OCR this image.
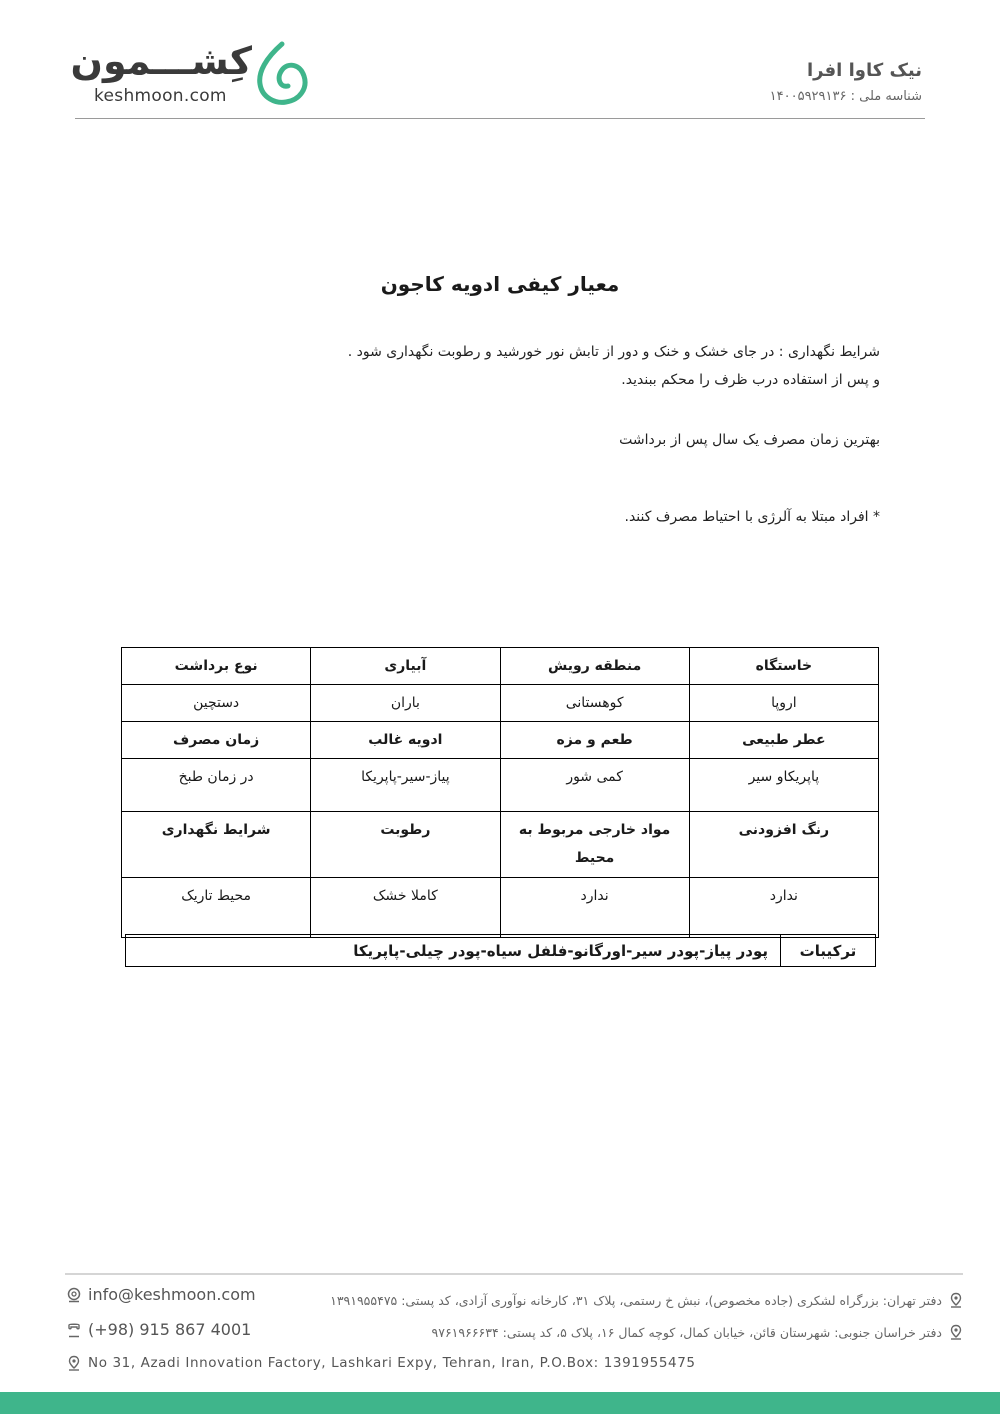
کِشـــمون
keshmoon.com
نیک کاوا افرا
شناسه ملی : ۱۴۰۰۵۹۲۹۱۳۶
معیار کیفی ادویه کاجون
شرایط نگهداری : در جای خشک و خنک و دور از تابش نور خورشید و رطوبت نگهداری شود .
و پس از استفاده درب ظرف را محکم ببندید.
بهترین زمان مصرف یک سال پس از برداشت
* افراد مبتلا به آلرژی با احتیاط مصرف کنند.
خاستگاه	منطقه رویش	آبیاری	نوع برداشت
اروپا	کوهستانی	باران	دستچین
عطر طبیعی	طعم و مزه	ادویه غالب	زمان مصرف
پاپریکاو سیر	کمی شور	پیاز-سیر-پاپریکا	در زمان طبخ
رنگ افزودنی	مواد خارجی مربوط به محیط	رطوبت	شرایط نگهداری
ندارد	ندارد	کاملا خشک	محیط تاریک
ترکیبات	پودر پیاز-پودر سیر-اورگانو-فلفل سیاه-پودر چیلی-پاپریکا
info@keshmoon.com
(+98) 915 867 4001
No 31, Azadi Innovation Factory, Lashkari Expy, Tehran, Iran, P.O.Box: 1391955475
دفتر تهران: بزرگراه لشکری (جاده مخصوص)، نبش خ رستمی، پلاک ۳۱، کارخانه نوآوری آزادی، کد پستی: ۱۳۹۱۹۵۵۴۷۵
دفتر خراسان جنوبی: شهرستان قائن، خیابان کمال، کوچه کمال ۱۶، پلاک ۵، کد پستی: ۹۷۶۱۹۶۶۶۳۴
